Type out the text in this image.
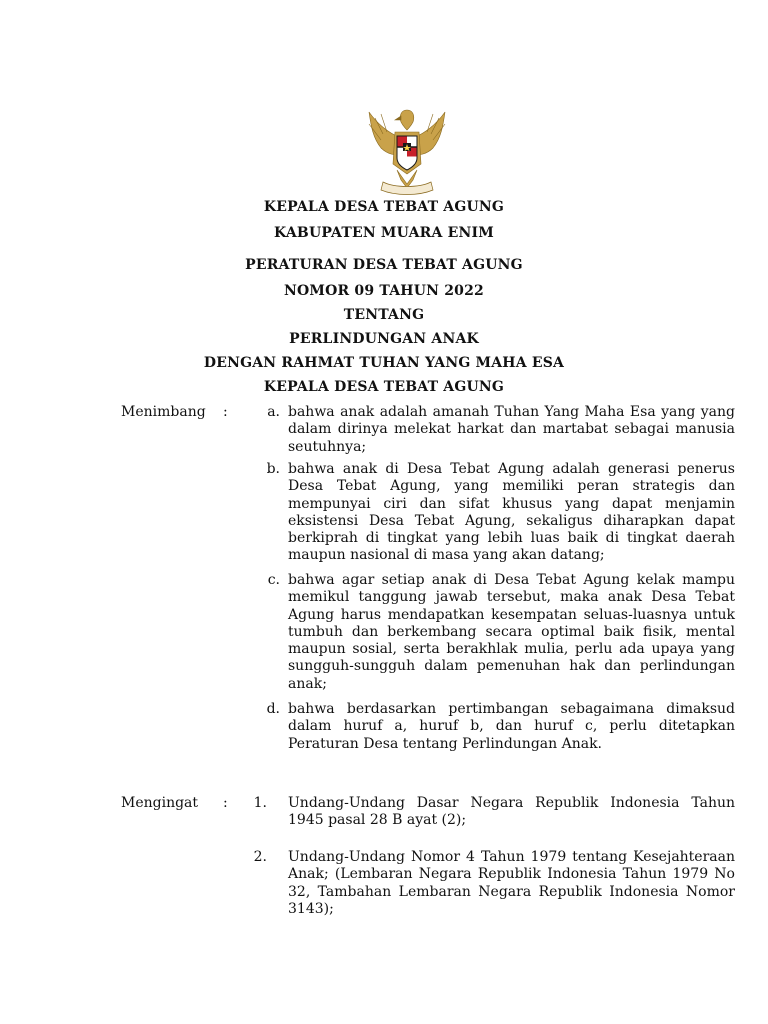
KEPALA DESA TEBAT AGUNG
KABUPATEN MUARA ENIM
PERATURAN DESA TEBAT AGUNG
NOMOR 09 TAHUN 2022
TENTANG
PERLINDUNGAN ANAK
DENGAN RAHMAT TUHAN YANG MAHA ESA
KEPALA DESA TEBAT AGUNG
Menimbang :	a. bahwa anak adalah amanah Tuhan Yang Maha Esa yang yang dalam dirinya melekat harkat dan martabat sebagai manusia seutuhnya;
b. bahwa anak di Desa Tebat Agung adalah generasi penerus Desa Tebat Agung, yang memiliki peran strategis dan mempunyai ciri dan sifat khusus yang dapat menjamin eksistensi Desa Tebat Agung, sekaligus diharapkan dapat berkiprah di tingkat yang lebih luas baik di tingkat daerah maupun nasional di masa yang akan datang;
c. bahwa agar setiap anak di Desa Tebat Agung kelak mampu memikul tanggung jawab tersebut, maka anak Desa Tebat Agung harus mendapatkan kesempatan seluas-luasnya untuk tumbuh dan berkembang secara optimal baik fisik, mental maupun sosial, serta berakhlak mulia, perlu ada upaya yang sungguh-sungguh dalam pemenuhan hak dan perlindungan anak;
d. bahwa berdasarkan pertimbangan sebagaimana dimaksud dalam huruf a, huruf b, dan huruf c, perlu ditetapkan Peraturan Desa tentang Perlindungan Anak.
Mengingat :	1. Undang-Undang Dasar Negara Republik Indonesia Tahun 1945 pasal 28 B ayat (2);
2. Undang-Undang Nomor 4 Tahun 1979 tentang Kesejahteraan Anak; (Lembaran Negara Republik Indonesia Tahun 1979 No 32, Tambahan Lembaran Negara Republik Indonesia Nomor 3143);
